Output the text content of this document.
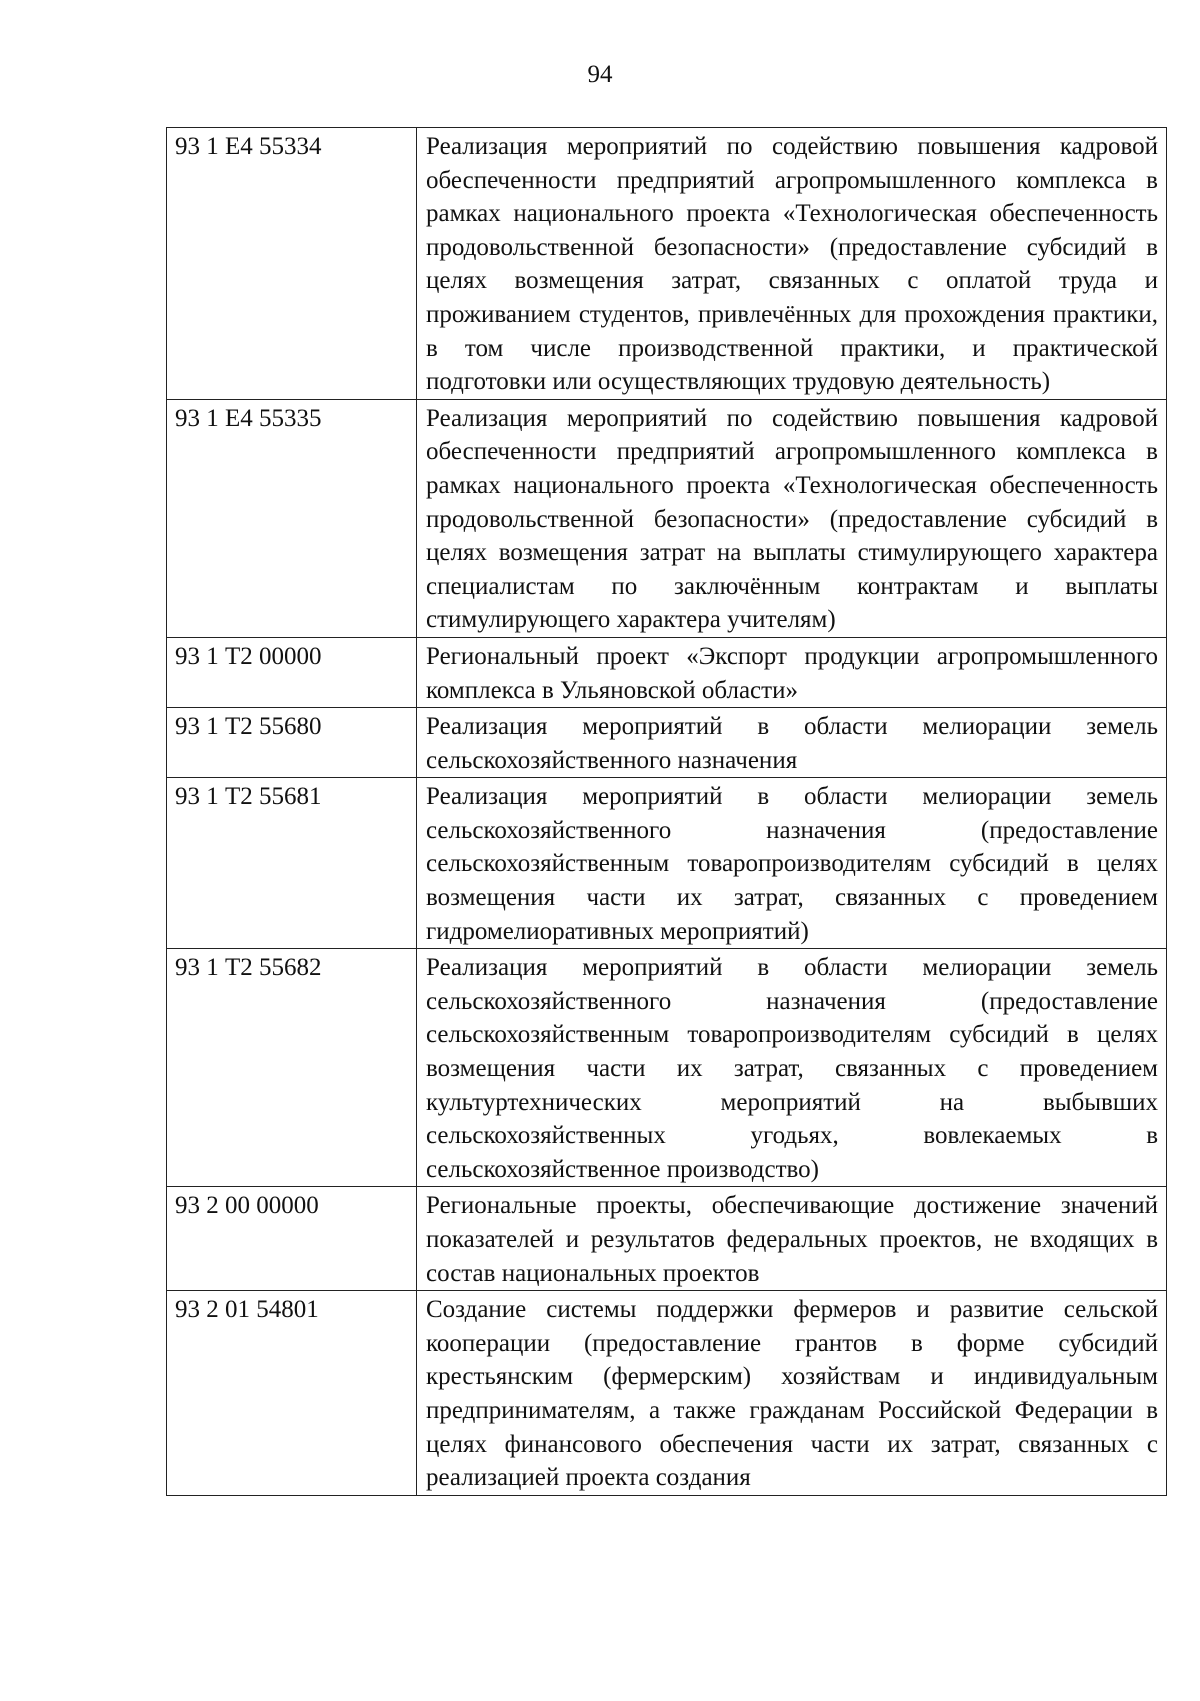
94
93 1 E4 55334	Реализация мероприятий по содействию повышения кадровой обеспеченности предприятий агропромышленного комплекса в рамках национального проекта «Технологическая обеспеченность продовольственной безопасности» (предоставление субсидий в целях возмещения затрат, связанных с оплатой труда и проживанием студентов, привлечённых для прохождения практики, в том числе производственной практики, и практической подготовки или осуществляющих трудовую деятельность)
93 1 E4 55335	Реализация мероприятий по содействию повышения кадровой обеспеченности предприятий агропромышленного комплекса в рамках национального проекта «Технологическая обеспеченность продовольственной безопасности» (предоставление субсидий в целях возмещения затрат на выплаты стимулирующего характера специалистам по заключённым контрактам и выплаты стимулирующего характера учителям)
93 1 Т2 00000	Региональный проект «Экспорт продукции агропромышленного комплекса в Ульяновской области»
93 1 Т2 55680	Реализация мероприятий в области мелиорации земель сельскохозяйственного назначения
93 1 Т2 55681	Реализация мероприятий в области мелиорации земель сельскохозяйственного назначения (предоставление сельскохозяйственным товаропроизводителям субсидий в целях возмещения части их затрат, связанных с проведением гидромелиоративных мероприятий)
93 1 Т2 55682	Реализация мероприятий в области мелиорации земель сельскохозяйственного назначения (предоставление сельскохозяйственным товаропроизводителям субсидий в целях возмещения части их затрат, связанных с проведением культуртехнических мероприятий на выбывших сельскохозяйственных угодьях, вовлекаемых в сельскохозяйственное производство)
93 2 00 00000	Региональные проекты, обеспечивающие достижение значений показателей и результатов федеральных проектов, не входящих в состав национальных проектов
93 2 01 54801	Создание системы поддержки фермеров и развитие сельской кооперации (предоставление грантов в форме субсидий крестьянским (фермерским) хозяйствам и индивидуальным предпринимателям, а также гражданам Российской Федерации в целях финансового обеспечения части их затрат, связанных с реализацией проекта создания
